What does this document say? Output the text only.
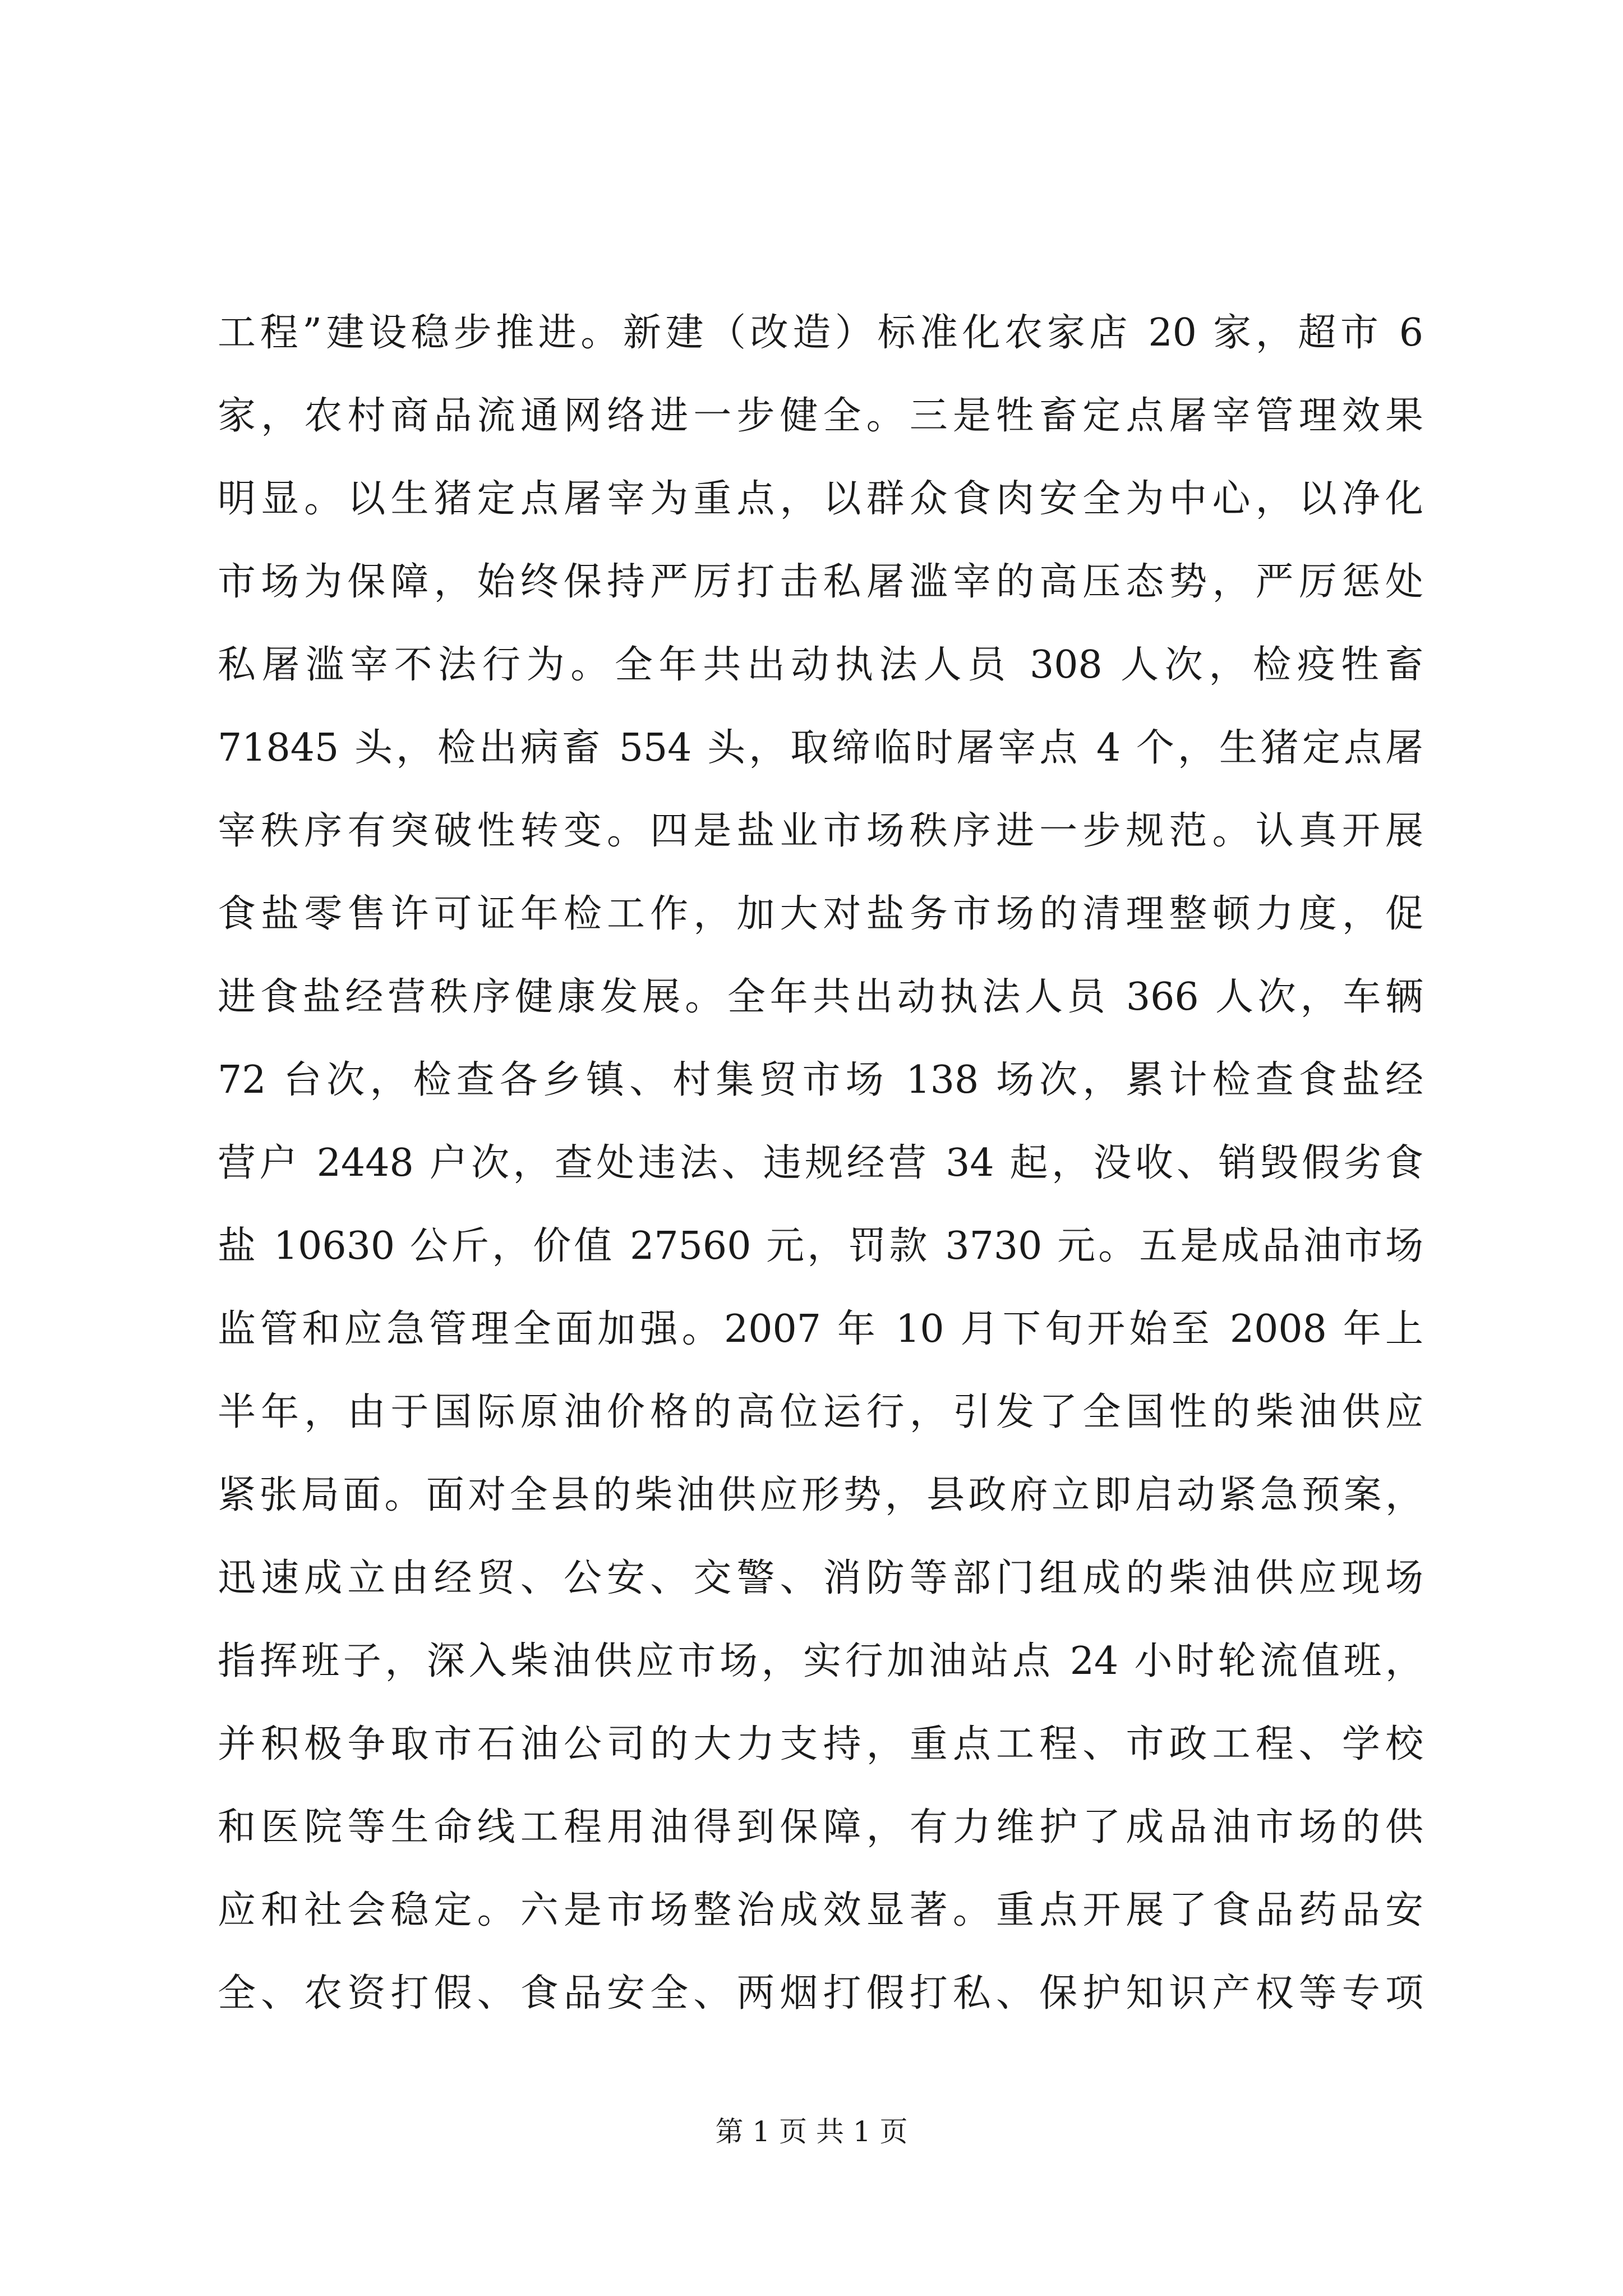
工程”建设稳步推进。新建（改造）标准化农家店 20 家，超市 6
家，农村商品流通网络进一步健全。三是牲畜定点屠宰管理效果
明显。以生猪定点屠宰为重点，以群众食肉安全为中心，以净化
市场为保障，始终保持严厉打击私屠滥宰的高压态势，严厉惩处
私屠滥宰不法行为。全年共出动执法人员 308 人次，检疫牲畜
71845 头，检出病畜 554 头，取缔临时屠宰点 4 个，生猪定点屠
宰秩序有突破性转变。四是盐业市场秩序进一步规范。认真开展
食盐零售许可证年检工作，加大对盐务市场的清理整顿力度，促
进食盐经营秩序健康发展。全年共出动执法人员 366 人次，车辆
72 台次，检查各乡镇、村集贸市场 138 场次，累计检查食盐经
营户 2448 户次，查处违法、违规经营 34 起，没收、销毁假劣食
盐 10630 公斤，价值 27560 元，罚款 3730 元。五是成品油市场
监管和应急管理全面加强。2007 年 10 月下旬开始至 2008 年上
半年，由于国际原油价格的高位运行，引发了全国性的柴油供应
紧张局面。面对全县的柴油供应形势，县政府立即启动紧急预案，
迅速成立由经贸、公安、交警、消防等部门组成的柴油供应现场
指挥班子，深入柴油供应市场，实行加油站点 24 小时轮流值班，
并积极争取市石油公司的大力支持，重点工程、市政工程、学校
和医院等生命线工程用油得到保障，有力维护了成品油市场的供
应和社会稳定。六是市场整治成效显著。重点开展了食品药品安
全、农资打假、食品安全、两烟打假打私、保护知识产权等专项
第 1 页 共 1 页
